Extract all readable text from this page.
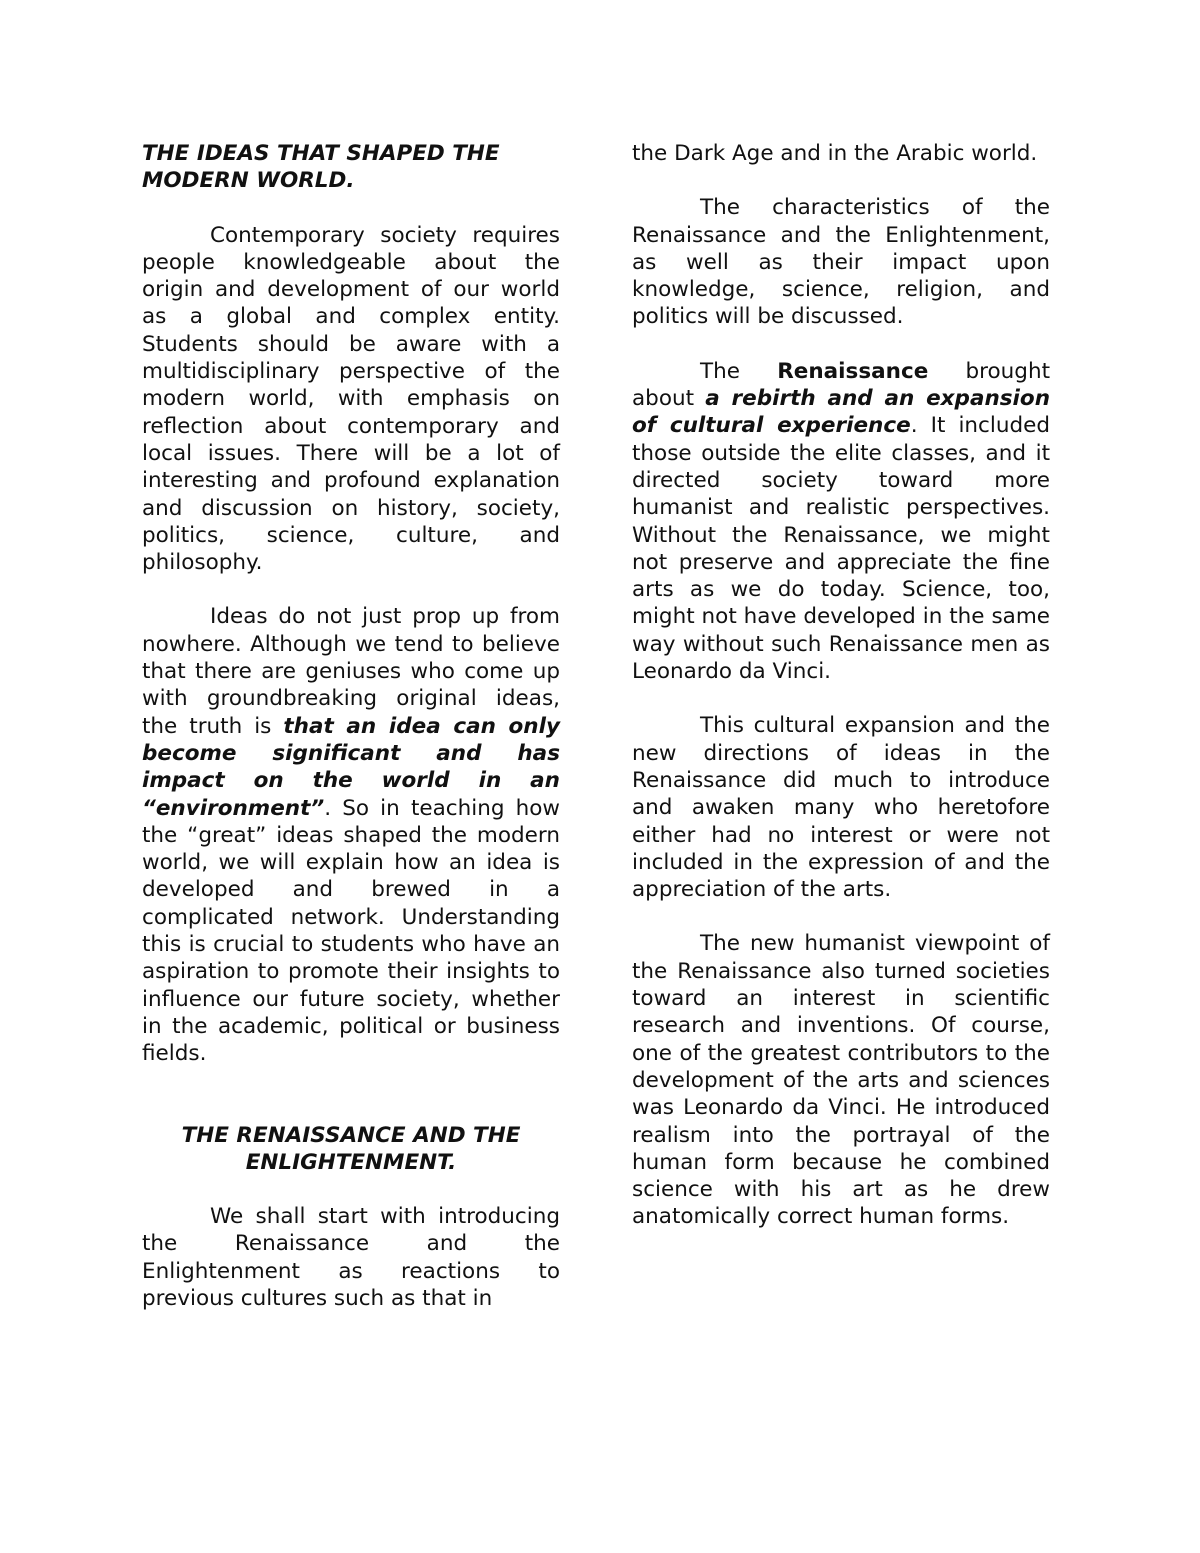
THE IDEAS THAT SHAPED THE MODERN WORLD.

Contemporary society requires people knowledgeable about the origin and development of our world as a global and complex entity. Students should be aware with a multidisciplinary perspective of the modern world, with emphasis on reflection about contemporary and local issues. There will be a lot of interesting and profound explanation and discussion on history, society, politics, science, culture, and philosophy.

Ideas do not just prop up from nowhere. Although we tend to believe that there are geniuses who come up with groundbreaking original ideas, the truth is that an idea can only become significant and has impact on the world in an “environment”. So in teaching how the “great” ideas shaped the modern world, we will explain how an idea is developed and brewed in a complicated network. Understanding this is crucial to students who have an aspiration to promote their insights to influence our future society, whether in the academic, political or business fields.

THE RENAISSANCE AND THE ENLIGHTENMENT.

We shall start with introducing the Renaissance and the Enlightenment as reactions to previous cultures such as that in

the Dark Age and in the Arabic world.

The characteristics of the Renaissance and the Enlightenment, as well as their impact upon knowledge, science, religion, and politics will be discussed.

The Renaissance brought about a rebirth and an expansion of cultural experience. It included those outside the elite classes, and it directed society toward more humanist and realistic perspectives. Without the Renaissance, we might not preserve and appreciate the fine arts as we do today. Science, too, might not have developed in the same way without such Renaissance men as Leonardo da Vinci.

This cultural expansion and the new directions of ideas in the Renaissance did much to introduce and awaken many who heretofore either had no interest or were not included in the expression of and the appreciation of the arts.

The new humanist viewpoint of the Renaissance also turned societies toward an interest in scientific research and inventions. Of course, one of the greatest contributors to the development of the arts and sciences was Leonardo da Vinci. He introduced realism into the portrayal of the human form because he combined science with his art as he drew anatomically correct human forms.
